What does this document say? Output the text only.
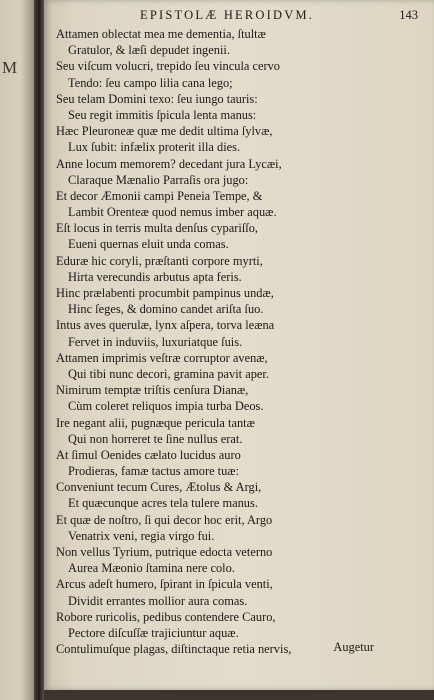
M
EPISTOLÆ HEROIDVM.	143
Attamen oblectat mea me dementia, ſtultæ
Gratulor, & læſi depudet ingenii.
Seu viſcum volucri, trepido ſeu vincula cervo
Tendo: ſeu campo lilia cana lego;
Seu telam Domini texo: ſeu iungo tauris:
Seu regit immitis ſpicula lenta manus:
Hæc Pleuroneæ quæ me dedit ultima ſylvæ,
Lux ſubit: infælix proterit illa dies.
Anne locum memorem? decedant jura Lycæi,
Claraque Mænalio Parraſis ora jugo:
Et decor Æmonii campi Peneia Tempe, &
Lambit Orenteæ quod nemus imber aquæ.
Eſt locus in terris multa denſus cypariſſo,
Eueni quernas eluit unda comas.
Eduræ hic coryli, præſtanti corpore myrti,
Hirta verecundis arbutus apta feris.
Hinc prælabenti procumbit pampinus undæ,
Hinc ſeges, & domino candet ariſta ſuo.
Intus aves querulæ, lynx aſpera, torva leæna
Fervet in induviis, luxuriatque ſuis.
Attamen imprimis veſtræ corruptor avenæ,
Qui tibi nunc decori, gramina pavit aper.
Nimirum temptæ triſtis cenſura Dianæ,
Cùm coleret reliquos impia turba Deos.
Ire negant alii, pugnæque pericula tantæ
Qui non horreret te ſine nullus erat.
At ſimul Oenides cælato lucidus auro
Prodieras, famæ tactus amore tuæ:
Conveniunt tecum Cures, Ætolus & Argi,
Et quæcunque acres tela tulere manus.
Et quæ de noſtro, ſi qui decor hoc erit, Argo
Venatrix veni, regia virgo fui.
Non vellus Tyrium, putrique edocta veterno
Aurea Mæonio ſtamina nere colo.
Arcus adeſt humero, ſpirant in ſpicula venti,
Dividit errantes mollior aura comas.
Robore ruricolis, pedibus contendere Cauro,
Pectore diſcuſſæ trajiciuntur aquæ.
Contulimuſque plagas, diſtinctaque retia nervis,	Augetur
